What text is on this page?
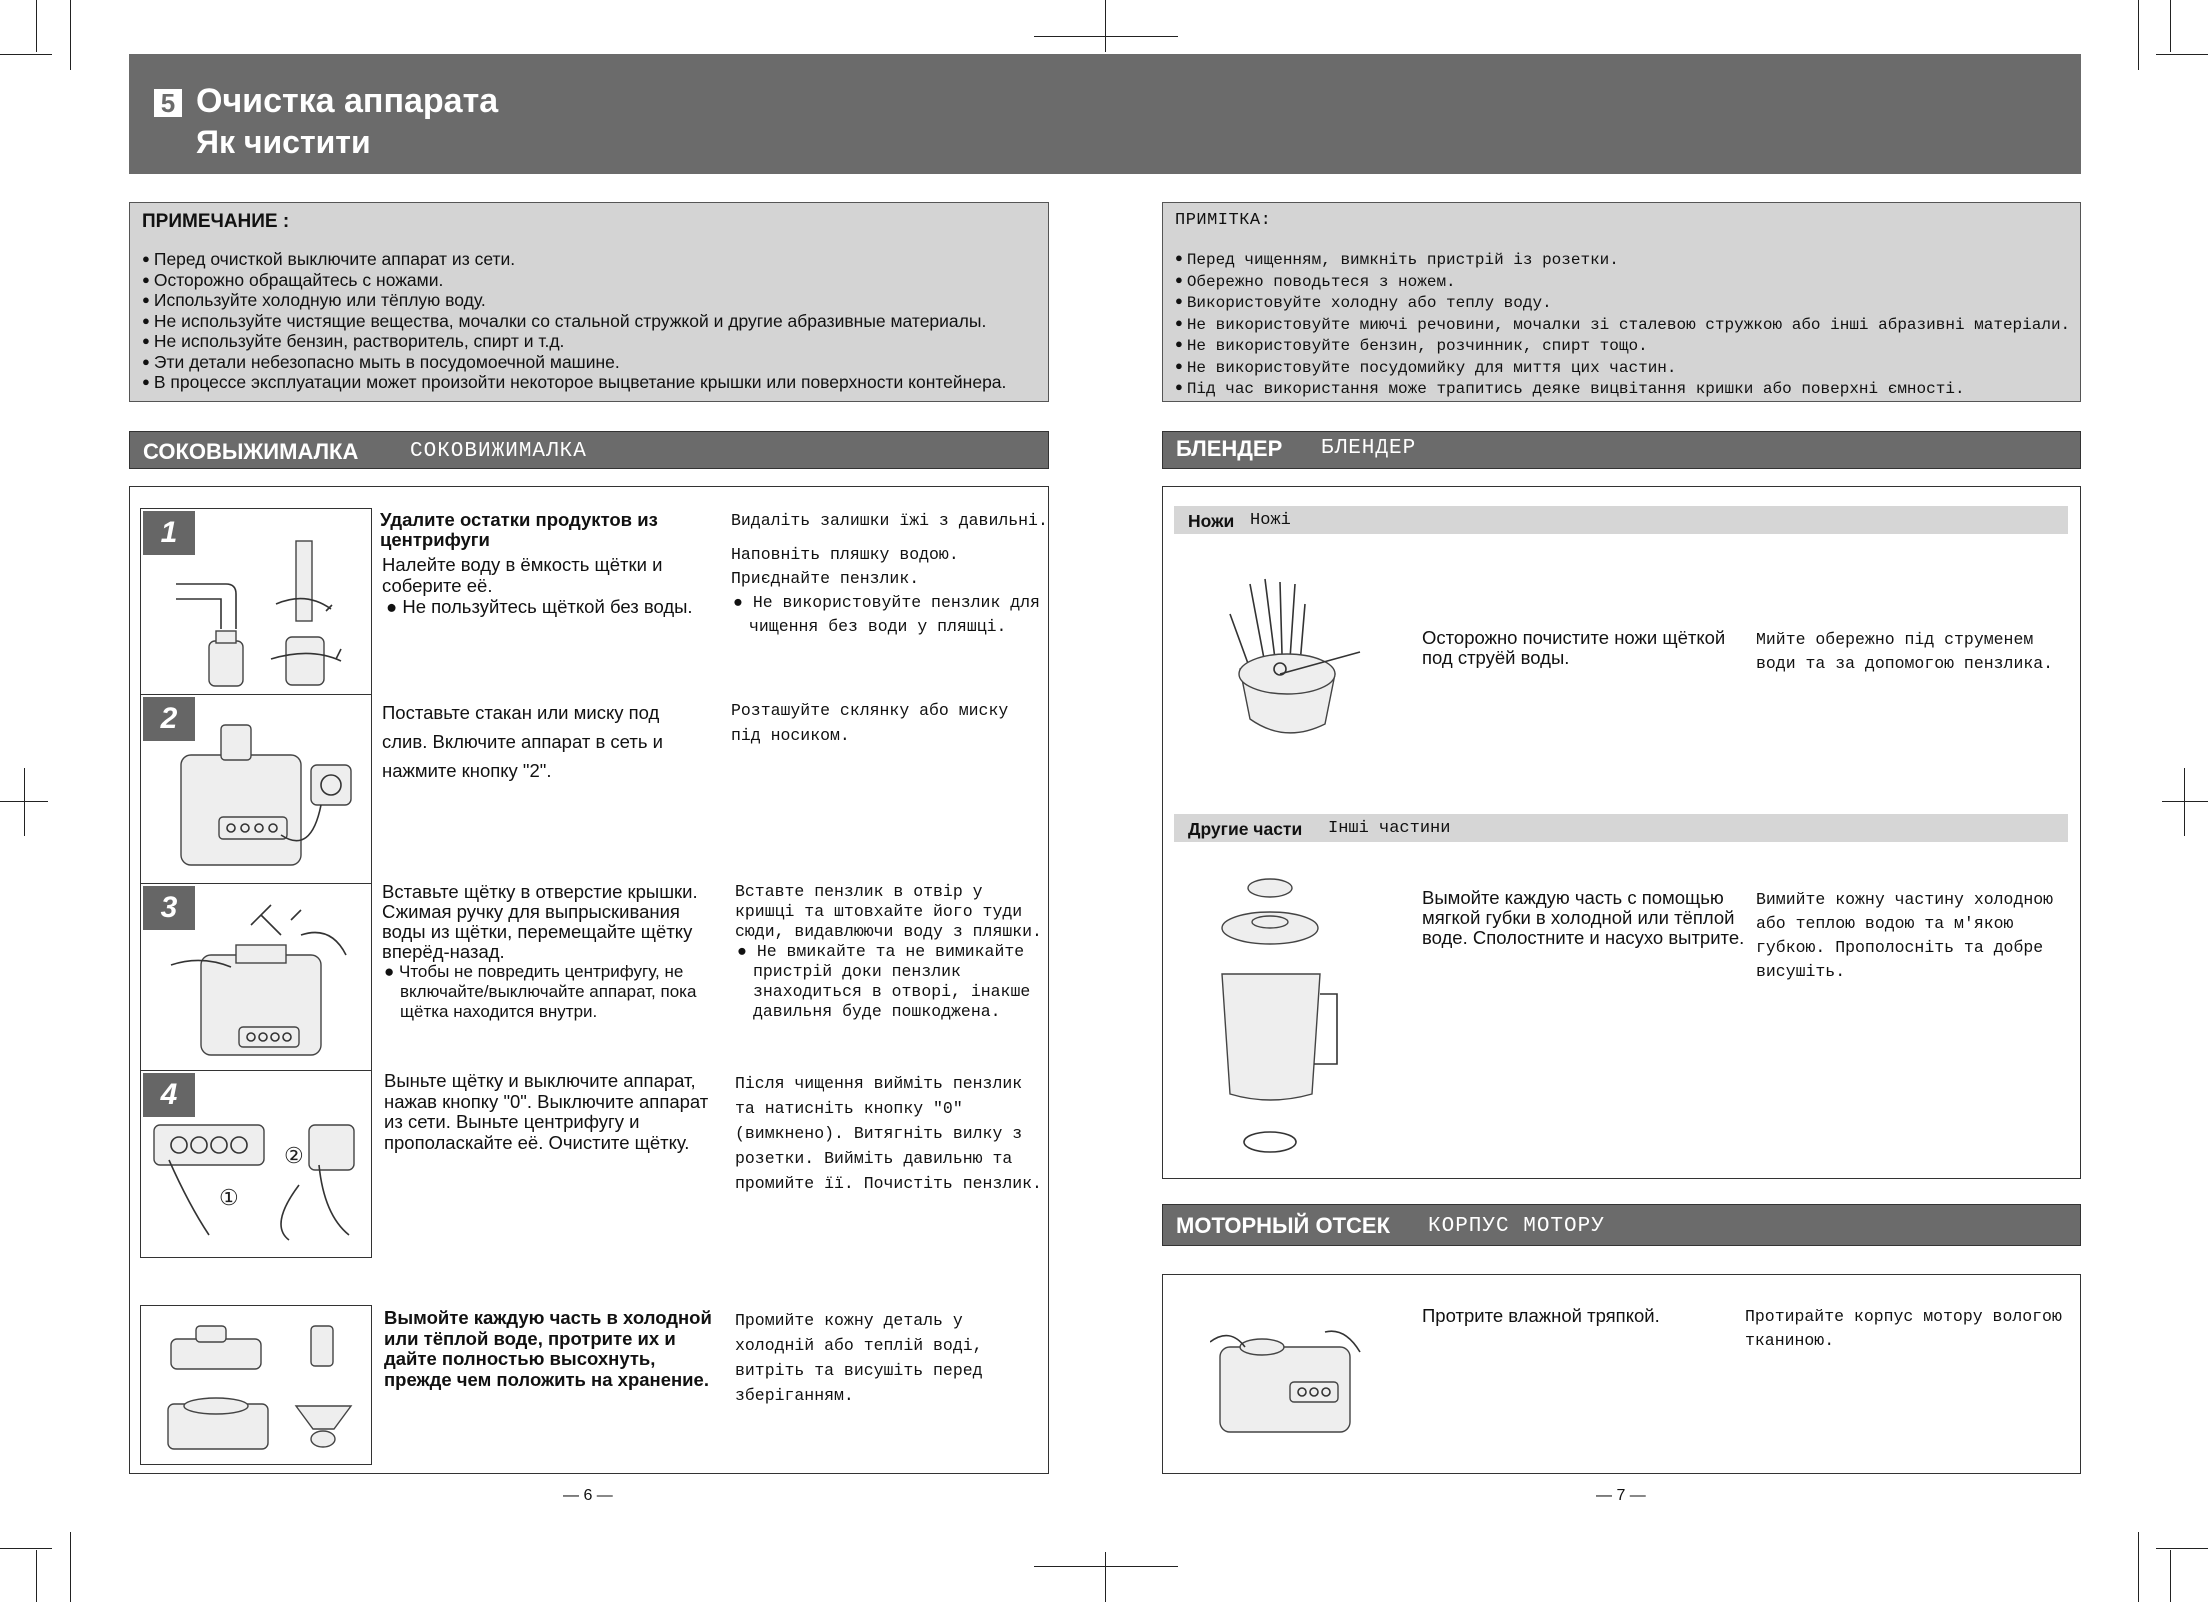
5 Очистка аппарата
Як чистити
ПРИМЕЧАНИЕ :
● Перед очисткой выключите аппарат из сети.
● Осторожно обращайтесь с ножами.
● Используйте холодную или тёплую воду.
● Не используйте чистящие вещества, мочалки со стальной стружкой и другие абразивные материалы.
● Не используйте бензин, растворитель, спирт и т.д.
● Эти детали небезопасно мыть в посудомоечной машине.
● В процессе эксплуатации может произойти некоторое выцветание крышки или поверхности контейнера.
ПРИМІТКА:
● Перед чищенням, вимкніть пристрій із розетки.
● Обережно поводьтеся з ножем.
● Використовуйте холодну або теплу воду.
● Не використовуйте миючі речовини, мочалки зі сталевою стружкою або інші абразивні матеріали.
● Не використовуйте бензин, розчинник, спирт тощо.
● Не використовуйте посудомийку для миття цих частин.
● Під час використання може трапитись деяке вицвітання кришки або поверхні ємності.
СОКОВЫЖИМАЛКА СОКОВИЖИМАЛКА
1
2
3
4
①
②
Удалите остатки продуктов из центрифуги
Налейте воду в ёмкость щётки и соберите её.
● Не пользуйтесь щёткой без воды.
Видаліть залишки їжі з давильні.
Наповніть пляшку водою. Приєднайте пензлик.
● Не використовуйте пензлик для чищення без води у пляшці.
Поставьте стакан или миску под слив. Включите аппарат в сеть и нажмите кнопку "2".
Розташуйте склянку або миску під носиком.
Вставьте щётку в отверстие крышки. Сжимая ручку для выпрыскивания воды из щётки, перемещайте щётку вперёд-назад.
● Чтобы не повредить центрифугу, не включайте/выключайте аппарат, пока щётка находится внутри.
Вставте пензлик в отвір у кришці та штовхайте його туди сюди, видавлюючи воду з пляшки.
● Не вмикайте та не вимикайте пристрій доки пензлик знаходиться в отворі, інакше давильня буде пошкоджена.
Выньте щётку и выключите аппарат, нажав кнопку "0". Выключите аппарат из сети. Выньте центрифугу и прополаскайте её. Очистите щётку.
Після чищення вийміть пензлик та натисніть кнопку "0" (вимкнено). Витягніть вилку з розетки. Вийміть давильню та промийте її. Почистіть пензлик.
Вымойте каждую часть в холодной или тёплой воде, протрите их и дайте полностью высохнуть, прежде чем положить на хранение.
Промийте кожну деталь у холодній або теплій воді, витріть та висушіть перед зберіганням.
БЛЕНДЕР БЛЕНДЕР
Ножи Ножі
Осторожно почистите ножи щёткой под струёй воды.
Мийте обережно під струменем води та за допомогою пензлика.
Другие части Інші частини
Вымойте каждую часть с помощью мягкой губки в холодной или тёплой воде. Сполостните и насухо вытрите.
Вимийте кожну частину холодною або теплою водою та м'якою губкою. Прополосніть та добре висушіть.
МОТОРНЫЙ ОТСЕК КОРПУС МОТОРУ
Протрите влажной тряпкой.	Протирайте корпус мотору вологою тканиною.
— 6 —	— 7 —
